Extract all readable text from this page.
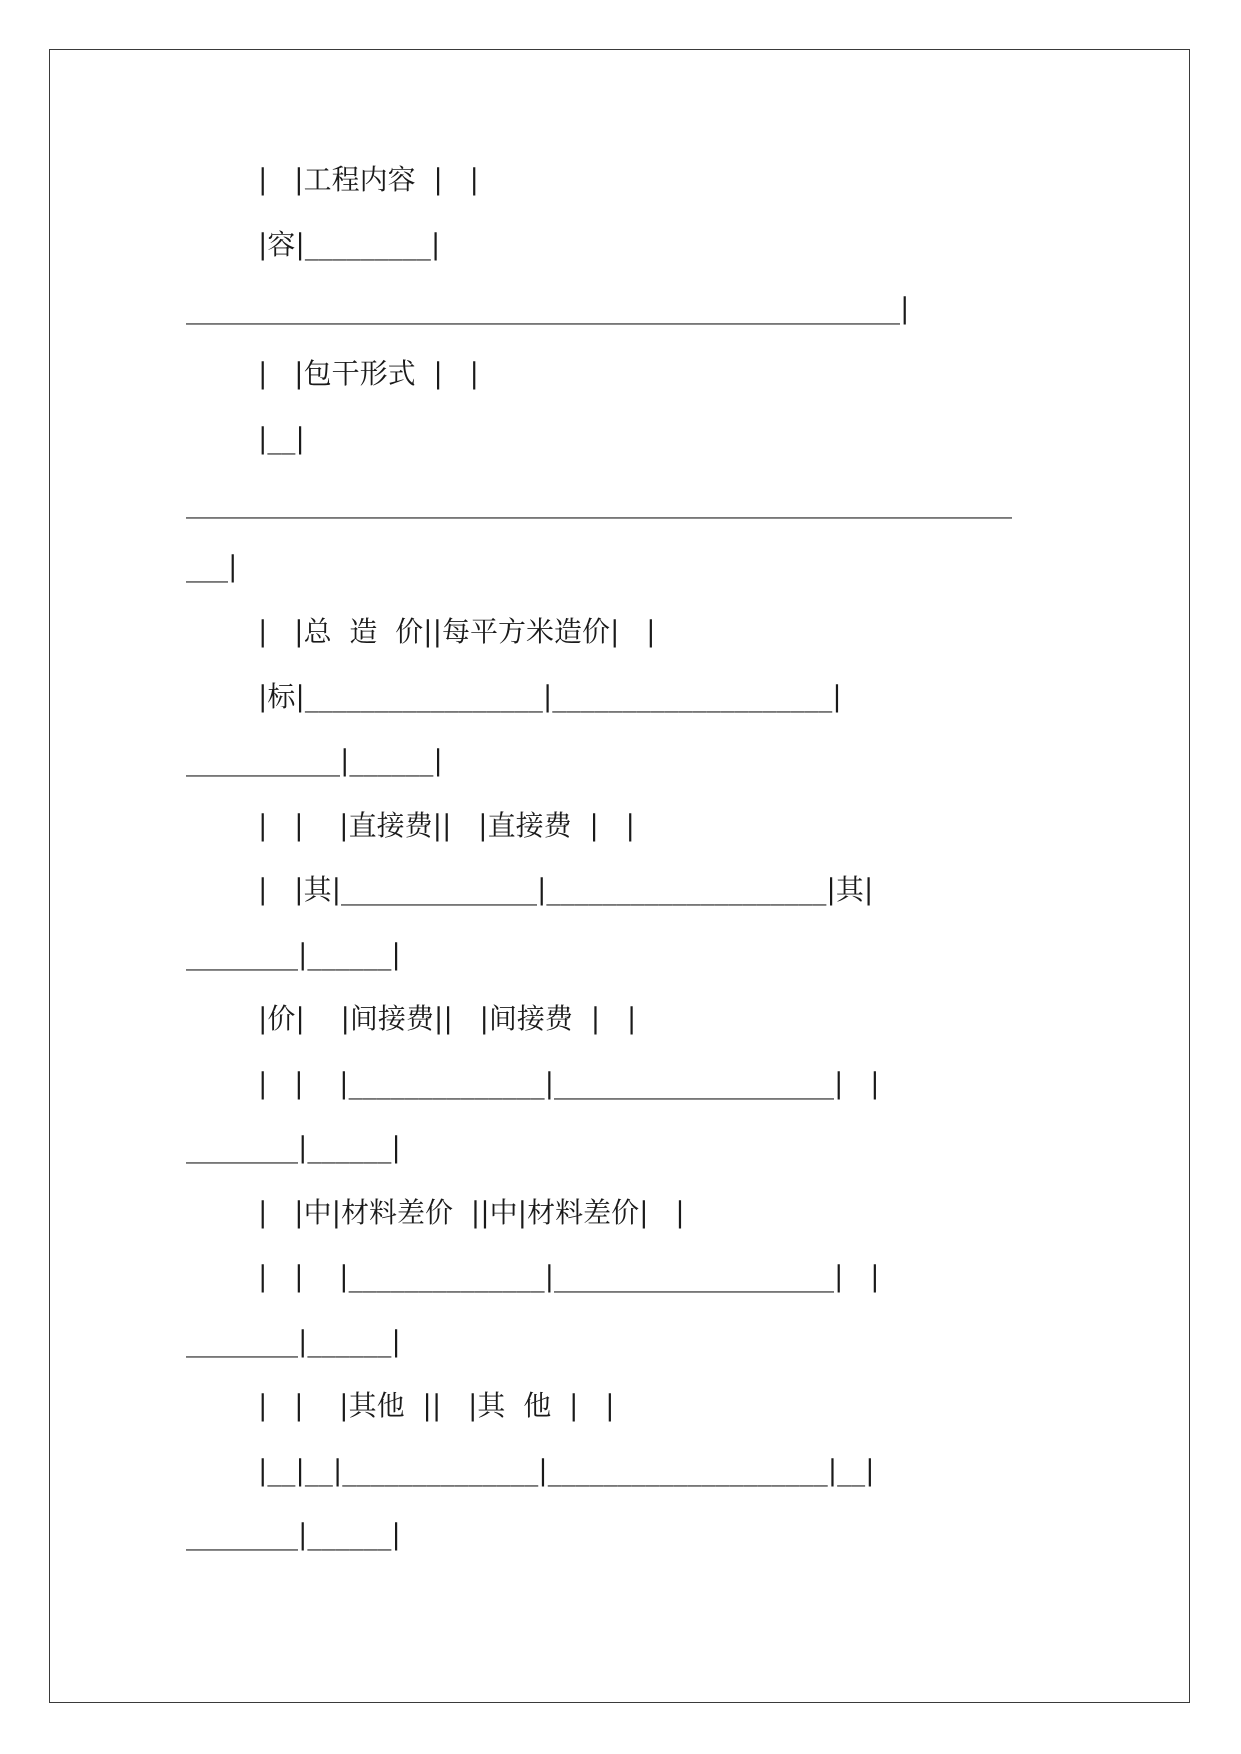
|   |工程内容  |   |

|容|_________|

___________________________________________________|

|   |包干形式  |   |

|__|

___________________________________________________________

___|

|   |总  造  价||每平方米造价|   |

|标|_________________|____________________|

___________|______|

|   |    |直接费||   |直接费  |   |

|   |其|______________|____________________|其|

________|______|

|价|    |间接费||   |间接费  |   |

|   |    |______________|____________________|   |

________|______|

|   |中|材料差价  ||中|材料差价|   |

|   |    |______________|____________________|   |

________|______|

|   |    |其他  ||   |其  他  |   |

|__|__|______________|____________________|__|

________|______|
